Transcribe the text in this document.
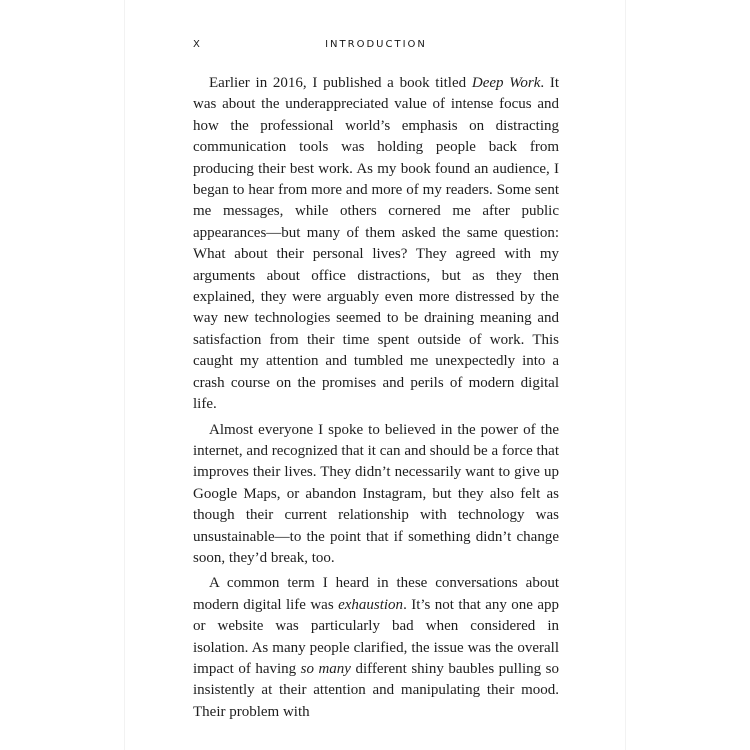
X	INTRODUCTION

Earlier in 2016, I published a book titled Deep Work. It was about the underappreciated value of intense focus and how the professional world’s emphasis on distracting communication tools was holding people back from producing their best work. As my book found an audience, I began to hear from more and more of my readers. Some sent me messages, while others cornered me after public appearances—but many of them asked the same question: What about their personal lives? They agreed with my arguments about office distractions, but as they then explained, they were arguably even more distressed by the way new technologies seemed to be draining meaning and satisfaction from their time spent outside of work. This caught my attention and tumbled me unexpectedly into a crash course on the promises and perils of modern digital life.

Almost everyone I spoke to believed in the power of the internet, and recognized that it can and should be a force that improves their lives. They didn’t necessarily want to give up Google Maps, or abandon Instagram, but they also felt as though their current relationship with technology was unsustainable—to the point that if something didn’t change soon, they’d break, too.

A common term I heard in these conversations about modern digital life was exhaustion. It’s not that any one app or website was particularly bad when considered in isolation. As many people clarified, the issue was the overall impact of having so many different shiny baubles pulling so insistently at their attention and manipulating their mood. Their problem with
